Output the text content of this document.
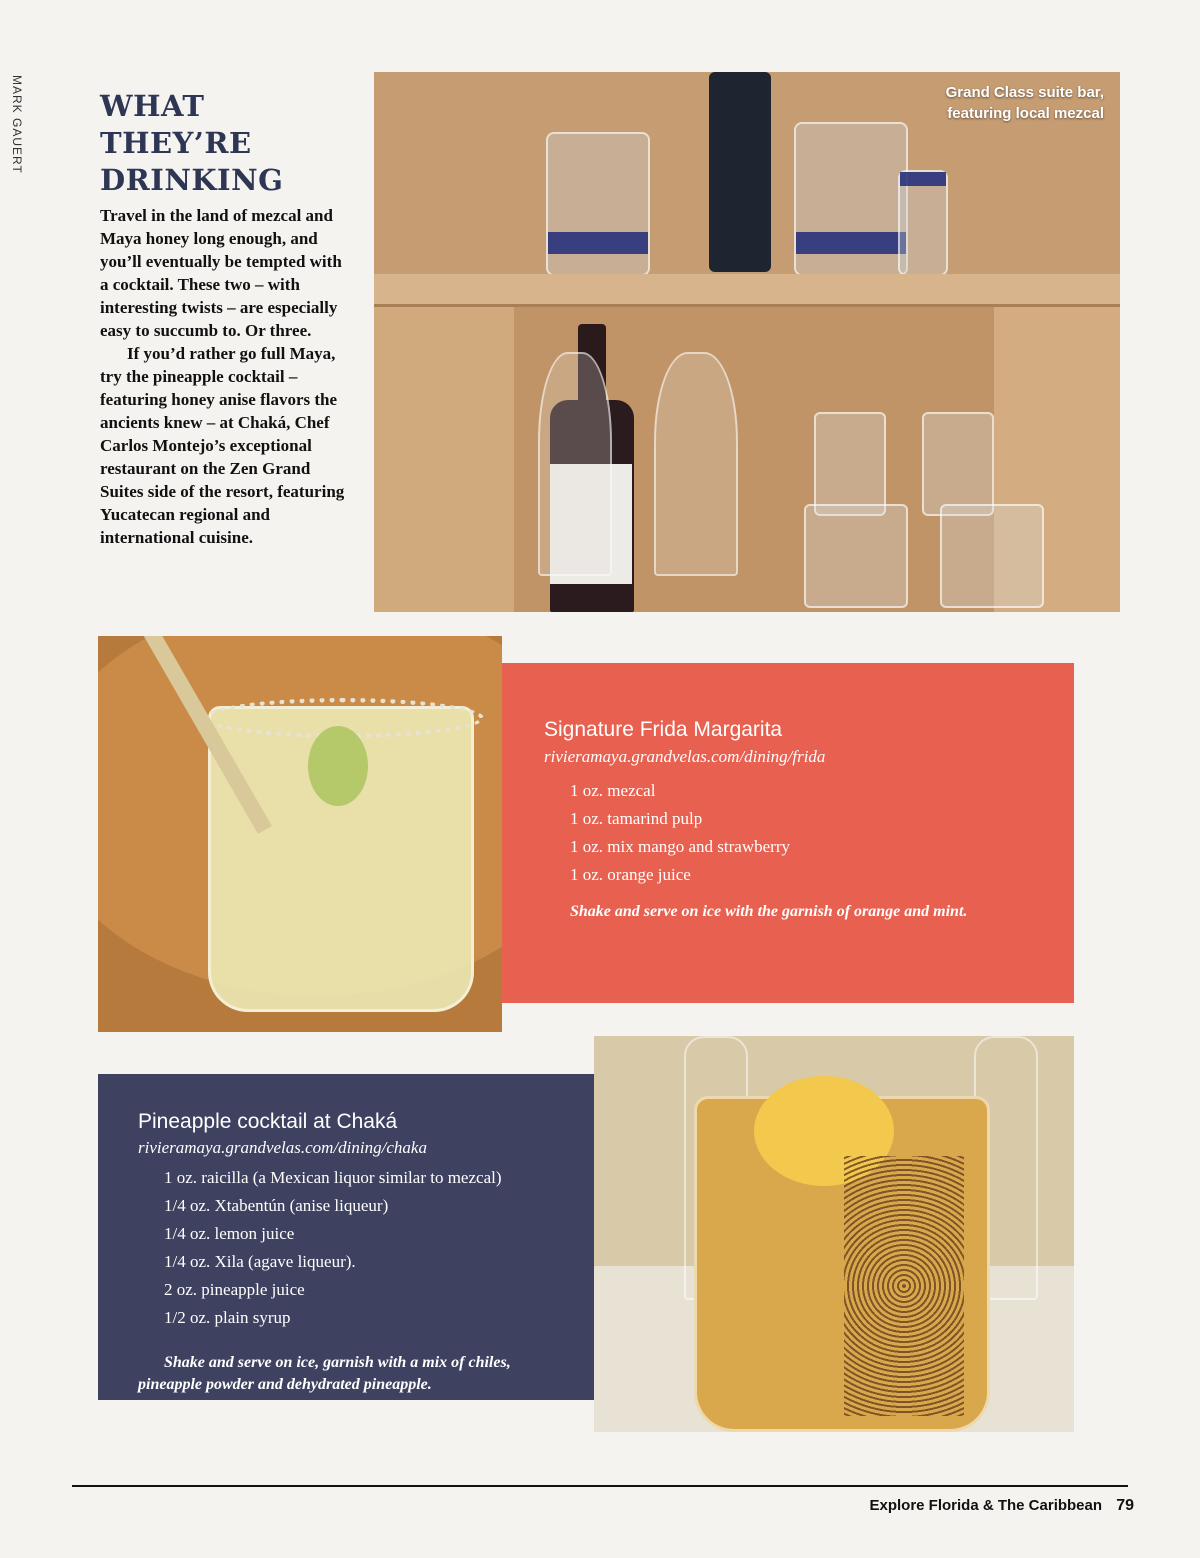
MARK GAUERT	WHAT
THEY’RE
DRINKING

Travel in the land of mezcal and Maya honey long enough, and you’ll eventually be tempted with a cocktail. These two – with interesting twists – are especially easy to succumb to. Or three.

If you’d rather go full Maya, try the pineapple cocktail – featuring honey anise flavors the ancients knew – at Chaká, Chef Carlos Montejo’s exceptional restaurant on the Zen Grand Suites side of the resort, featuring Yucatecan regional and international cuisine.

Grand Class suite bar,
featuring local mezcal
Signature Frida Margarita
rivieramaya.grandvelas.com/dining/frida
1 oz. mezcal
1 oz. tamarind pulp
1 oz. mix mango and strawberry
1 oz. orange juice
Shake and serve on ice with the garnish of orange and mint.
Pineapple cocktail at Chaká
rivieramaya.grandvelas.com/dining/chaka
1 oz. raicilla (a Mexican liquor similar to mezcal)
1/4 oz. Xtabentún (anise liqueur)
1/4 oz. lemon juice
1/4 oz. Xila (agave liqueur).
2 oz. pineapple juice
1/2 oz. plain syrup
Shake and serve on ice, garnish with a mix of chiles, pineapple powder and dehydrated pineapple.
Explore Florida & The Caribbean 79
